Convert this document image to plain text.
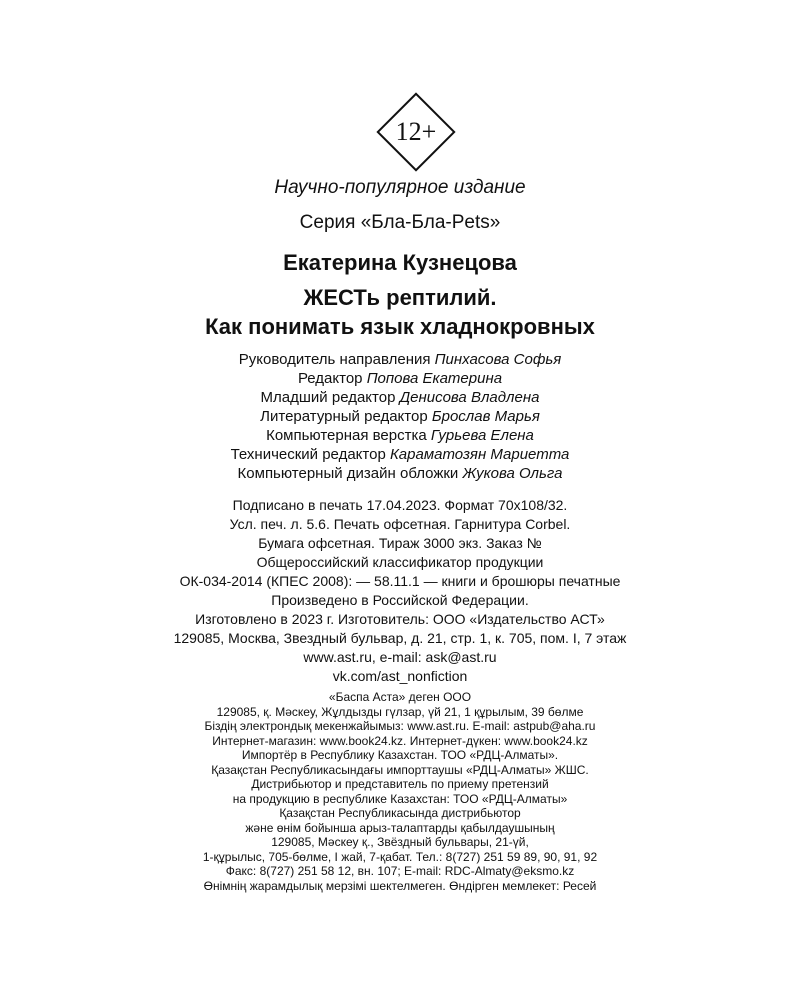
12+
Научно-популярное издание
Серия «Бла-Бла-Pets»
Екатерина Кузнецова
ЖЕСТь рептилий.
Как понимать язык хладнокровных
Руководитель направления Пинхасова Софья
Редактор Попова Екатерина
Младший редактор Денисова Владлена
Литературный редактор Брослав Марья
Компьютерная верстка Гурьева Елена
Технический редактор Караматозян Мариетта
Компьютерный дизайн обложки Жукова Ольга
Подписано в печать 17.04.2023. Формат 70x108/32.
Усл. печ. л. 5.6. Печать офсетная. Гарнитура Corbel.
Бумага офсетная. Тираж 3000 экз. Заказ №
Общероссийский классификатор продукции
ОК-034-2014 (КПЕС 2008): — 58.11.1 — книги и брошюры печатные
Произведено в Российской Федерации.
Изготовлено в 2023 г. Изготовитель: ООО «Издательство АСТ»
129085, Москва, Звездный бульвар, д. 21, стр. 1, к. 705, пом. I, 7 этаж
www.ast.ru, e-mail: ask@ast.ru
vk.com/ast_nonfiction
«Баспа Аста» деген ООО
129085, қ. Мәскеу, Жұлдызды гүлзар, үй 21, 1 құрылым, 39 бөлме
Біздің электрондық мекенжайымыз: www.ast.ru. E-mail: astpub@aha.ru
Интернет-магазин: www.book24.kz. Интернет-дүкен: www.book24.kz
Импортёр в Республику Казахстан. ТОО «РДЦ-Алматы».
Қазақстан Республикасындағы импорттаушы «РДЦ-Алматы» ЖШС.
Дистрибьютор и представитель по приему претензий
на продукцию в республике Казахстан: ТОО «РДЦ-Алматы»
Қазақстан Республикасында дистрибьютор
және өнім бойынша арыз-талаптарды қабылдаушының
129085, Мәскеу қ., Звёздный бульвары, 21-үй,
1-құрылыс, 705-бөлме, I жай, 7-қабат. Тел.: 8(727) 251 59 89, 90, 91, 92
Факс: 8(727) 251 58 12, вн. 107; E-mail: RDC-Almaty@eksmo.kz
Өнімнің жарамдылық мерзімі шектелмеген. Өндірген мемлекет: Ресей
